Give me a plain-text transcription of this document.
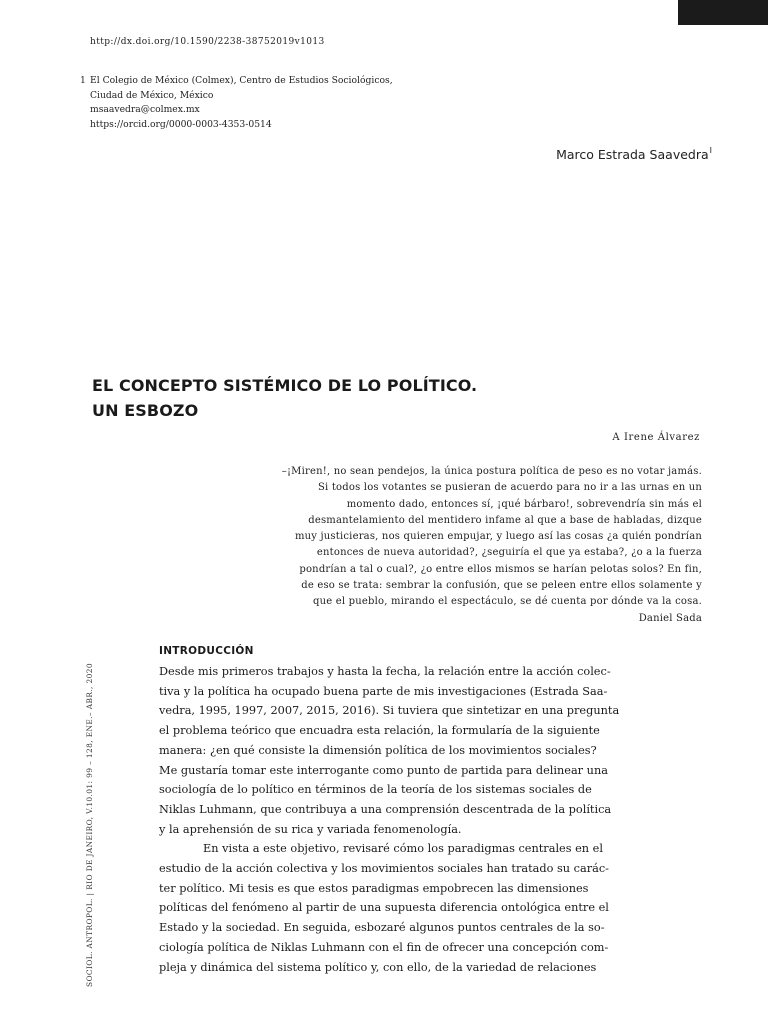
http://dx.doi.org/10.1590/2238-38752019v1013
1 El Colegio de México (Colmex), Centro de Estudios Sociológicos,
Ciudad de México, México
msaavedra@colmex.mx
https://orcid.org/0000-0003-4353-0514
Marco Estrada Saavedra$^I$
EL CONCEPTO SISTÉMICO DE LO POLÍTICO.
UN ESBOZO
A Irene Álvarez
–¡Miren!, no sean pendejos, la única postura política de peso es no votar jamás.
Si todos los votantes se pusieran de acuerdo para no ir a las urnas en un
momento dado, entonces sí, ¡qué bárbaro!, sobrevendría sin más el
desmantelamiento del mentidero infame al que a base de habladas, dizque
muy justicieras, nos quieren empujar, y luego así las cosas ¿a quién pondrían
entonces de nueva autoridad?, ¿seguiría el que ya estaba?, ¿o a la fuerza
pondrían a tal o cual?, ¿o entre ellos mismos se harían pelotas solos? En fin,
de eso se trata: sembrar la confusión, que se peleen entre ellos solamente y
que el pueblo, mirando el espectáculo, se dé cuenta por dónde va la cosa.
Daniel Sada
SOCIOL. ANTROPOL. | RIO DE JANEIRO, V.10.01: 99 – 128, ENE.– ABR., 2020
INTRODUCCIÓN
Desde mis primeros trabajos y hasta la fecha, la relación entre la acción colec-
tiva y la política ha ocupado buena parte de mis investigaciones (Estrada Saa-
vedra, 1995, 1997, 2007, 2015, 2016). Si tuviera que sintetizar en una pregunta
el problema teórico que encuadra esta relación, la formularía de la siguiente
manera: ¿en qué consiste la dimensión política de los movimientos sociales?
Me gustaría tomar este interrogante como punto de partida para delinear una
sociología de lo político en términos de la teoría de los sistemas sociales de
Niklas Luhmann, que contribuya a una comprensión descentrada de la política
y la aprehensión de su rica y variada fenomenología.
En vista a este objetivo, revisaré cómo los paradigmas centrales en el
estudio de la acción colectiva y los movimientos sociales han tratado su carác-
ter político. Mi tesis es que estos paradigmas empobrecen las dimensiones
políticas del fenómeno al partir de una supuesta diferencia ontológica entre el
Estado y la sociedad. En seguida, esbozaré algunos puntos centrales de la so-
ciología política de Niklas Luhmann con el fin de ofrecer una concepción com-
pleja y dinámica del sistema político y, con ello, de la variedad de relaciones
